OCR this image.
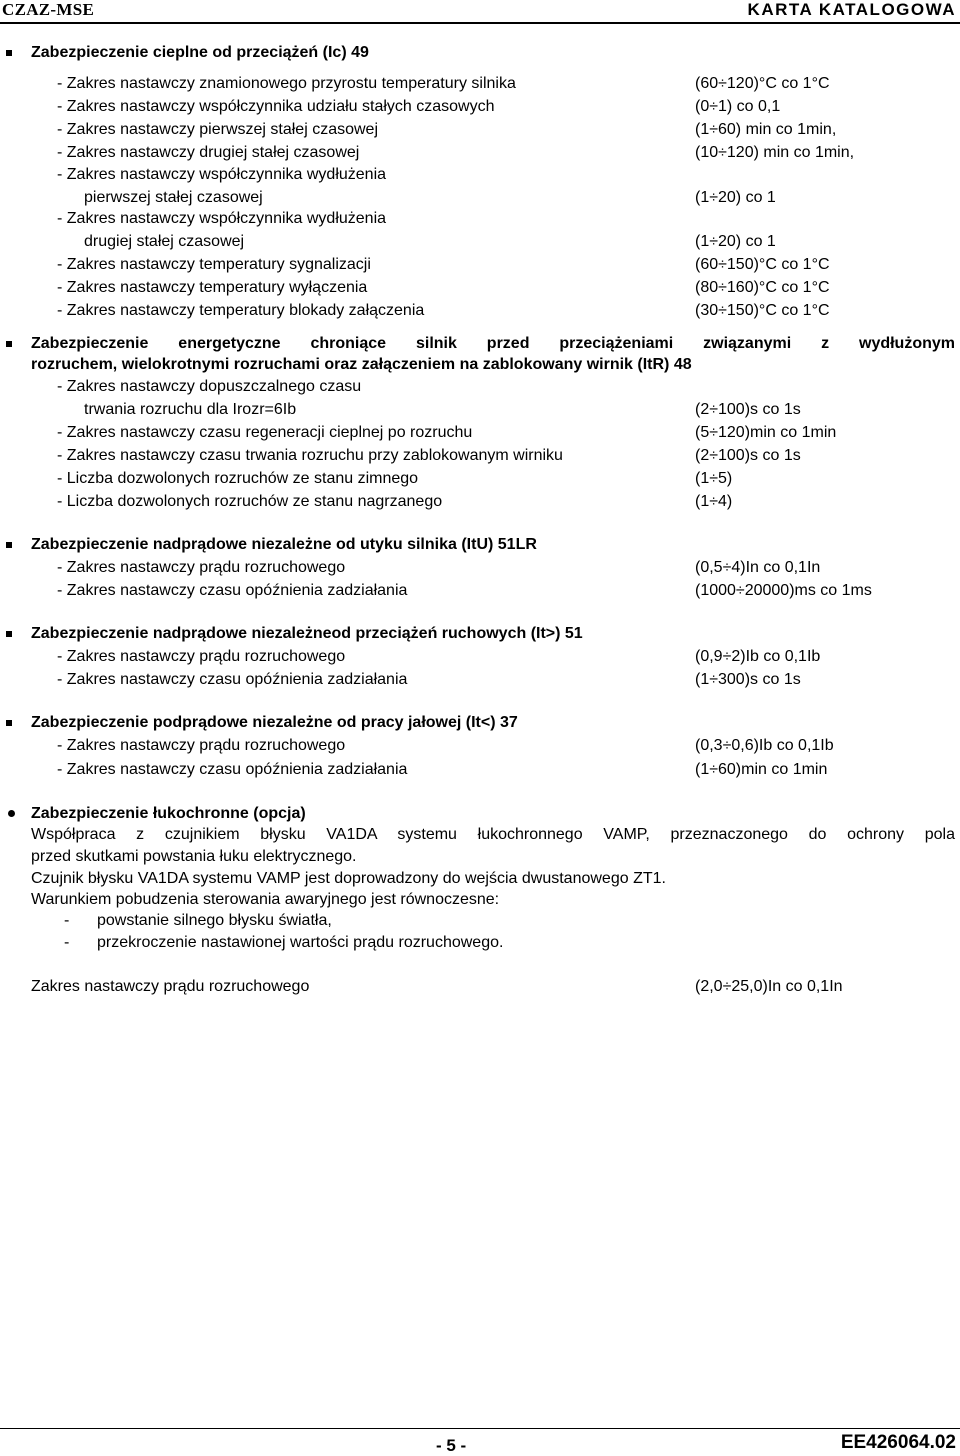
CZAZ-MSE	KARTA KATALOGOWA
Zabezpieczenie cieplne od przeciążeń (Ic) 49
- Zakres nastawczy znamionowego przyrostu temperatury silnika	(60÷120)°C co 1°C
- Zakres nastawczy współczynnika udziału stałych czasowych	(0÷1) co 0,1
- Zakres nastawczy pierwszej stałej czasowej	(1÷60) min co 1min,
- Zakres nastawczy drugiej stałej czasowej	(10÷120) min co 1min,
- Zakres nastawczy współczynnika wydłużenia
pierwszej stałej czasowej	(1÷20) co 1
- Zakres nastawczy współczynnika wydłużenia
drugiej stałej czasowej	(1÷20) co 1
- Zakres nastawczy temperatury sygnalizacji	(60÷150)°C co 1°C
- Zakres nastawczy temperatury wyłączenia	(80÷160)°C co 1°C
- Zakres nastawczy temperatury blokady załączenia	(30÷150)°C co 1°C
Zabezpieczenie energetyczne chroniące silnik przed przeciążeniami związanymi z wydłużonym
rozruchem, wielokrotnymi rozruchami oraz załączeniem na zablokowany wirnik (ItR) 48
- Zakres nastawczy dopuszczalnego czasu
trwania rozruchu dla Irozr=6Ib	(2÷100)s co 1s
- Zakres nastawczy czasu regeneracji cieplnej po rozruchu	(5÷120)min co 1min
- Zakres nastawczy czasu trwania rozruchu przy zablokowanym wirniku	(2÷100)s co 1s
- Liczba dozwolonych rozruchów ze stanu zimnego	(1÷5)
- Liczba dozwolonych rozruchów ze stanu nagrzanego	(1÷4)
Zabezpieczenie nadprądowe niezależne od utyku silnika (ItU) 51LR
- Zakres nastawczy prądu rozruchowego	(0,5÷4)In co 0,1In
- Zakres nastawczy czasu opóźnienia zadziałania	(1000÷20000)ms co 1ms
Zabezpieczenie nadprądowe niezależneod przeciążeń ruchowych (It>) 51
- Zakres nastawczy prądu rozruchowego	(0,9÷2)Ib co 0,1Ib
- Zakres nastawczy czasu opóźnienia zadziałania	(1÷300)s co 1s
Zabezpieczenie podprądowe niezależne od pracy jałowej (It<) 37
- Zakres nastawczy prądu rozruchowego	(0,3÷0,6)Ib co 0,1Ib
- Zakres nastawczy czasu opóźnienia zadziałania	(1÷60)min co 1min
Zabezpieczenie łukochronne (opcja)
Współpraca z czujnikiem błysku VA1DA systemu łukochronnego VAMP, przeznaczonego do ochrony pola
przed skutkami powstania łuku elektrycznego.
Czujnik błysku VA1DA systemu VAMP jest doprowadzony do wejścia dwustanowego ZT1.
Warunkiem pobudzenia sterowania awaryjnego jest równoczesne:
- powstanie silnego błysku światła,
- przekroczenie nastawionej wartości prądu rozruchowego.
Zakres nastawczy prądu rozruchowego	(2,0÷25,0)In co 0,1In
- 5 -	EE426064.02
